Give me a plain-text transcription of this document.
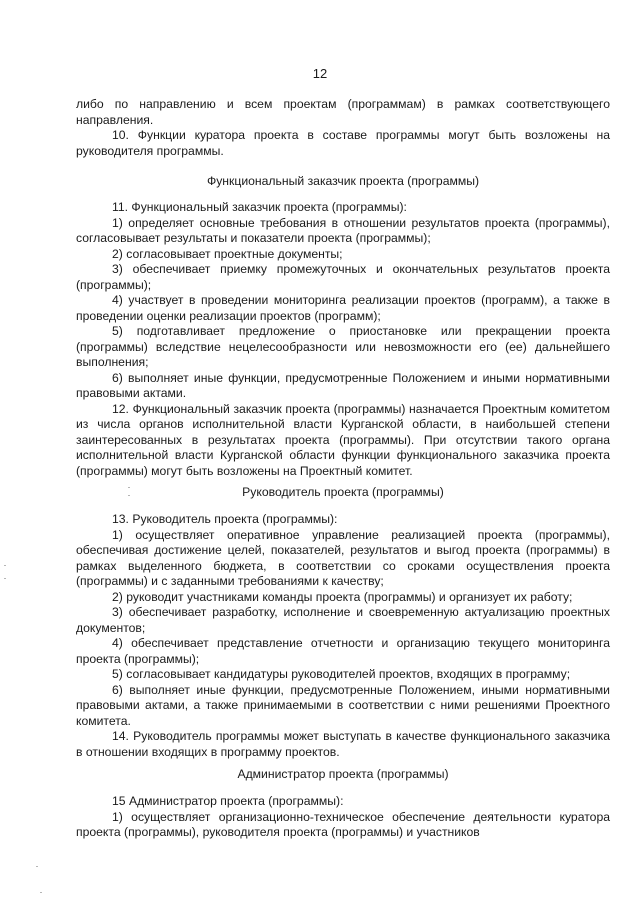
12

либо по направлению и всем проектам (программам) в рамках соответствующего направления.

10. Функции куратора проекта в составе программы могут быть возложены на руководителя программы.

Функциональный заказчик проекта (программы)

11. Функциональный заказчик проекта (программы):

1) определяет основные требования в отношении результатов проекта (программы), согласовывает результаты и показатели проекта (программы);

2) согласовывает проектные документы;

3) обеспечивает приемку промежуточных и окончательных результатов проекта (программы);

4) участвует в проведении мониторинга реализации проектов (программ), а также в проведении оценки реализации проектов (программ);

5) подготавливает предложение о приостановке или прекращении проекта (программы) вследствие нецелесообразности или невозможности его (ее) дальнейшего выполнения;

6) выполняет иные функции, предусмотренные Положением и иными нормативными правовыми актами.

12. Функциональный заказчик проекта (программы) назначается Проектным комитетом из числа органов исполнительной власти Курганской области, в наибольшей степени заинтересованных в результатах проекта (программы). При отсутствии такого органа исполнительной власти Курганской области функции функционального заказчика проекта (программы) могут быть возложены на Проектный комитет.

Руководитель проекта (программы)

13. Руководитель проекта (программы):

1) осуществляет оперативное управление реализацией проекта (программы), обеспечивая достижение целей, показателей, результатов и выгод проекта (программы) в рамках выделенного бюджета, в соответствии со сроками осуществления проекта (программы) и с заданными требованиями к качеству;

2) руководит участниками команды проекта (программы) и организует их работу;

3) обеспечивает разработку, исполнение и своевременную актуализацию проектных документов;

4) обеспечивает представление отчетности и организацию текущего мониторинга проекта (программы);

5) согласовывает кандидатуры руководителей проектов, входящих в программу;

6) выполняет иные функции, предусмотренные Положением, иными нормативными правовыми актами, а также принимаемыми в соответствии с ними решениями Проектного комитета.

14. Руководитель программы может выступать в качестве функционального заказчика в отношении входящих в программу проектов.

Администратор проекта (программы)

15 Администратор проекта (программы):

1) осуществляет организационно-техническое обеспечение деятельности куратора проекта (программы), руководителя проекта (программы) и участников
